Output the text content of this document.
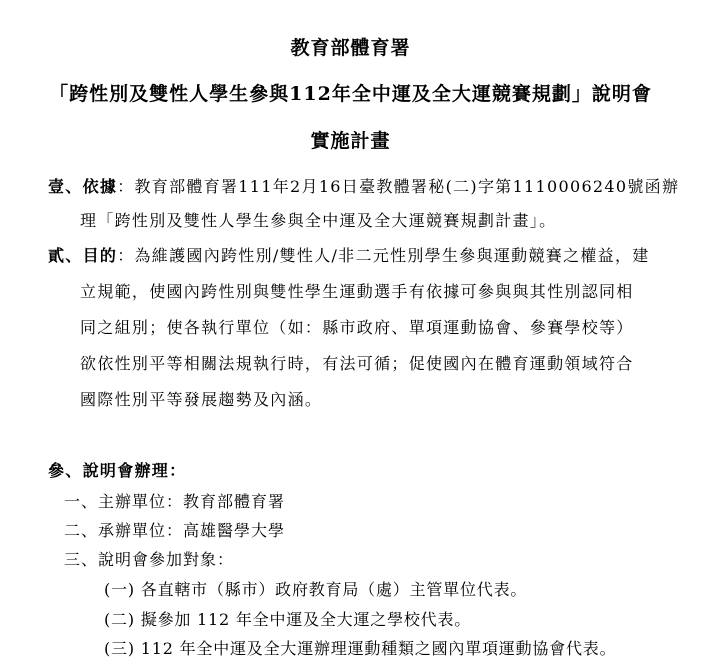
教育部體育署
「跨性別及雙性人學生參與112年全中運及全大運競賽規劃」說明會
實施計畫
壹、依據：教育部體育署111年2月16日臺教體署秘(二)字第1110006240號函辦
理「跨性別及雙性人學生參與全中運及全大運競賽規劃計畫」。
貳、目的：為維護國內跨性別/雙性人/非二元性別學生參與運動競賽之權益，建
立規範，使國內跨性別與雙性學生運動選手有依據可參與與其性別認同相
同之組別；使各執行單位（如：縣市政府、單項運動協會、參賽學校等）
欲依性別平等相關法規執行時，有法可循；促使國內在體育運動領域符合
國際性別平等發展趨勢及內涵。
參、說明會辦理：
一、主辦單位：教育部體育署
二、承辦單位：高雄醫學大學
三、說明會參加對象：
(一) 各直轄市（縣市）政府教育局（處）主管單位代表。
(二) 擬參加 112 年全中運及全大運之學校代表。
(三) 112 年全中運及全大運辦理運動種類之國內單項運動協會代表。
